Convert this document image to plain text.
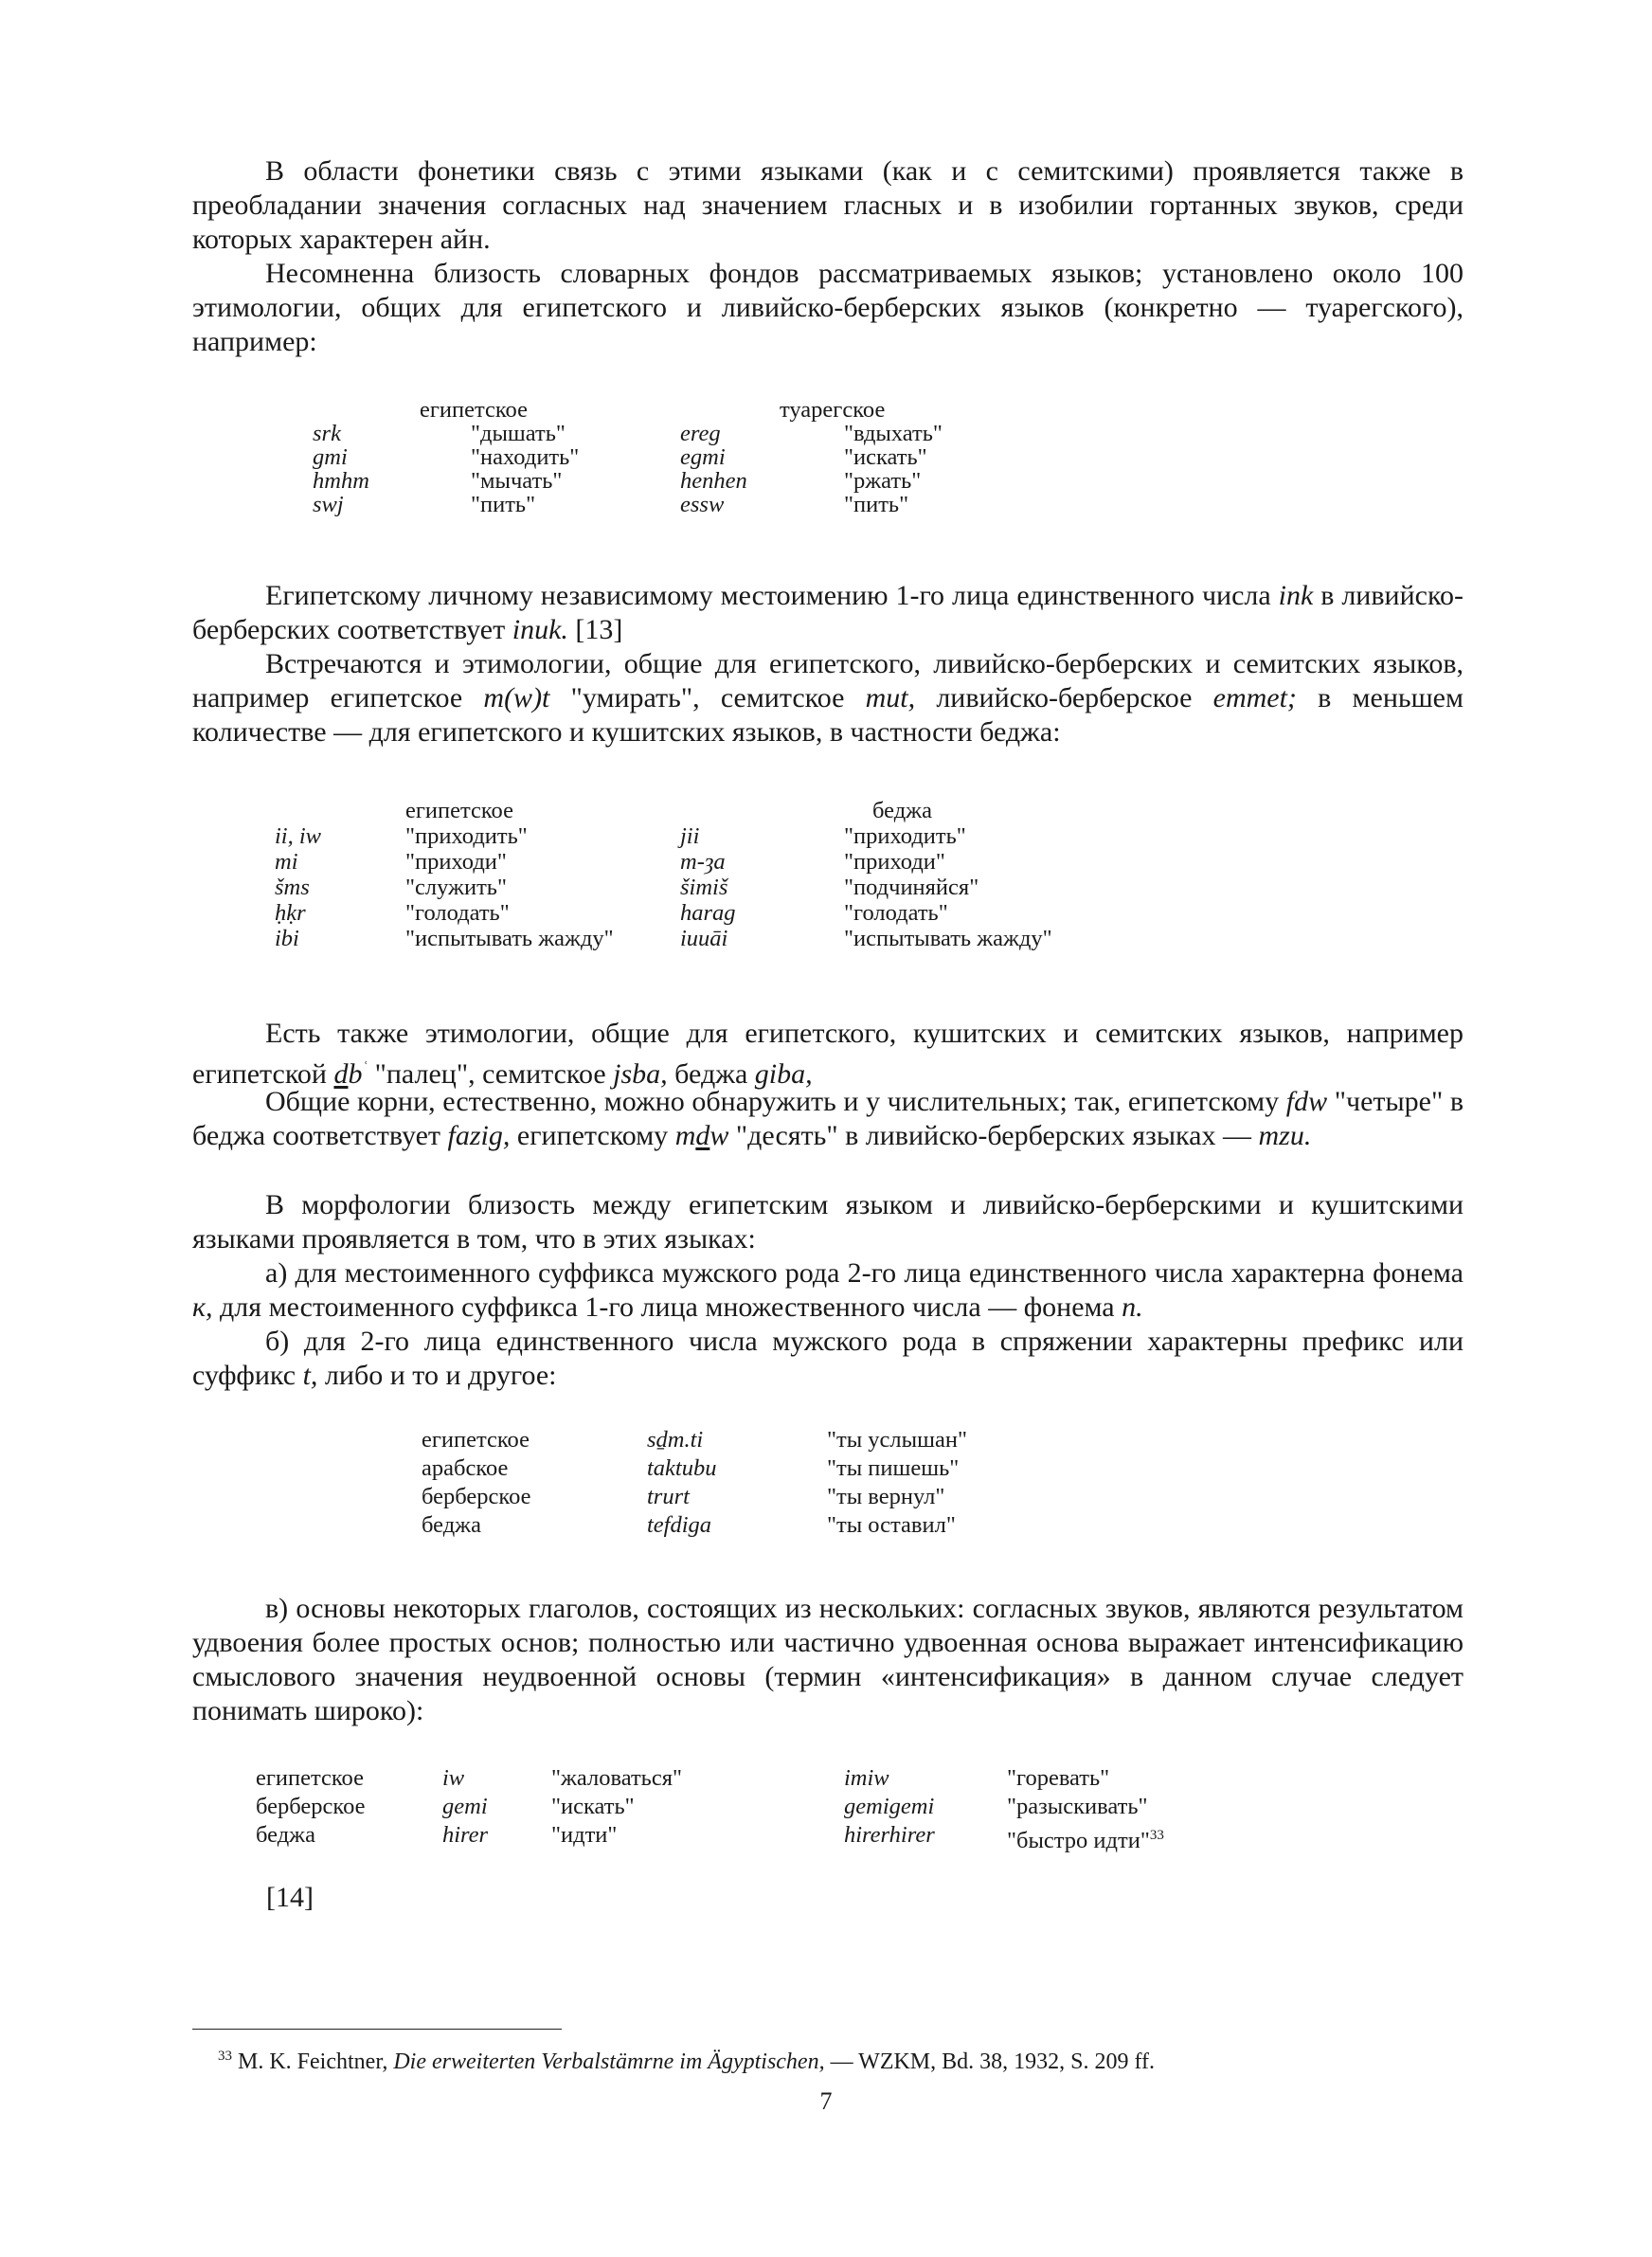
В области фонетики связь с этими языками (как и с семитскими) проявляется также в преобладании значения согласных над значением гласных и в изобилии гортанных звуков, среди которых характерен айн.

Несомненна близость словарных фондов рассматриваемых языков; установлено около 100 этимологии, общих для египетского и ливийско-берберских языков (конкретно — туарегского), например:

египетское	туарегское
srk	"дышать"	ereg	"вдыхать"
gmi	"находить"	egmi	"искать"
hmhm	"мычать"	henhen	"ржать"
swj	"пить"	essw	"пить"

Египетскому личному независимому местоимению 1-го лица единственного числа ink в ливийско-берберских соответствует inuk. [13]

Встречаются и этимологии, общие для египетского, ливийско-берберских и семитских языков, например египетское m(w)t "умирать", семитское mut, ливийско-берберское emmet; в меньшем количестве — для египетского и кушитских языков, в частности беджа:

египетское	беджа
ii, iw	"приходить"	jii	"приходить"
mi	"приходи"	m-ȝa	"приходи"
šms	"служить"	šimiš	"подчиняйся"
ḥḳr	"голодать"	harag	"голодать"
ibi	"испытывать жажду"	iuuāi	"испытывать жажду"

Есть также этимологии, общие для египетского, кушитских и семитских языков, например египетской $db^ʿ$ "палец", семитское jsba, беджа giba,

Общие корни, естественно, можно обнаружить и у числительных; так, египетскому fdw "четыре" в беджа соответствует fazig, египетскому mdw "десять" в ливийско-берберских языках — mzu.

В морфологии близость между египетским языком и ливийско-берберскими и кушитскими языками проявляется в том, что в этих языках:

а) для местоименного суффикса мужского рода 2-го лица единственного числа характерна фонема к, для местоименного суффикса 1-го лица множественного числа — фонема n.

б) для 2-го лица единственного числа мужского рода в спряжении характерны префикс или суффикс t, либо и то и другое:

египетское	sḏm.ti	"ты услышан"
арабское	taktubu	"ты пишешь"
берберское	trurt	"ты вернул"
беджа	tefdiga	"ты оставил"

в) основы некоторых глаголов, состоящих из нескольких: согласных звуков, являются результатом удвоения более простых основ; полностью или частично удвоенная основа выражает интенсификацию смыслового значения неудвоенной основы (термин «интенсификация» в данном случае следует понимать широко):

египетское	iw	"жаловаться"	imiw	"горевать"
берберское	gemi	"искать"	gemigemi	"разыскивать"
беджа	hirer	"идти"	hirerhirer	"быстро идти"$^{33}$
[14]
$^{33}$ M. K. Feichtner, Die erweiterten Verbalstämrne im Ägyptischen, — WZKM, Bd. 38, 1932, S. 209 ff.
7
